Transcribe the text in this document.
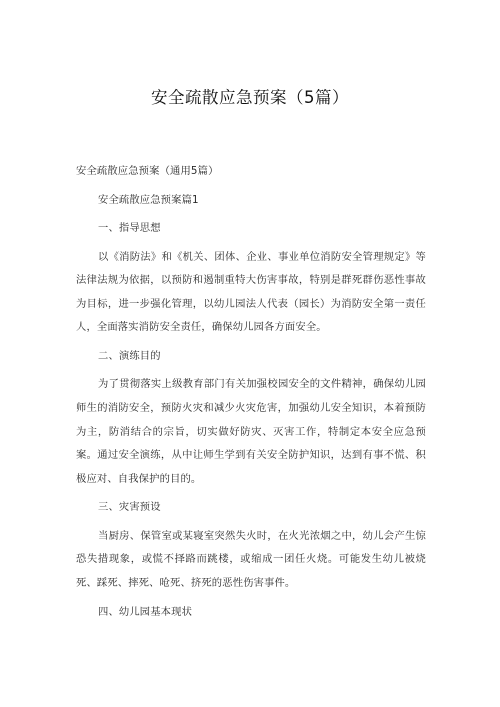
安全疏散应急预案（5篇）

安全疏散应急预案（通用5篇）

安全疏散应急预案篇1

一、指导思想

以《消防法》和《机关、团体、企业、事业单位消防安全管理规定》等法律法规为依据，以预防和遏制重特大伤害事故，特别是群死群伤恶性事故为目标，进一步强化管理，以幼儿园法人代表（园长）为消防安全第一责任人，全面落实消防安全责任，确保幼儿园各方面安全。

二、演练目的

为了贯彻落实上级教育部门有关加强校园安全的文件精神，确保幼儿园师生的消防安全，预防火灾和减少火灾危害，加强幼儿安全知识，本着预防为主，防消结合的宗旨，切实做好防灾、灭害工作，特制定本安全应急预案。通过安全演练，从中让师生学到有关安全防护知识，达到有事不慌、积极应对、自我保护的目的。

三、灾害预设

当厨房、保管室或某寝室突然失火时，在火光浓烟之中，幼儿会产生惊恐失措现象，或慌不择路而跳楼，或缩成一团任火烧。可能发生幼儿被烧死、踩死、摔死、呛死、挤死的恶性伤害事件。

四、幼儿园基本现状
